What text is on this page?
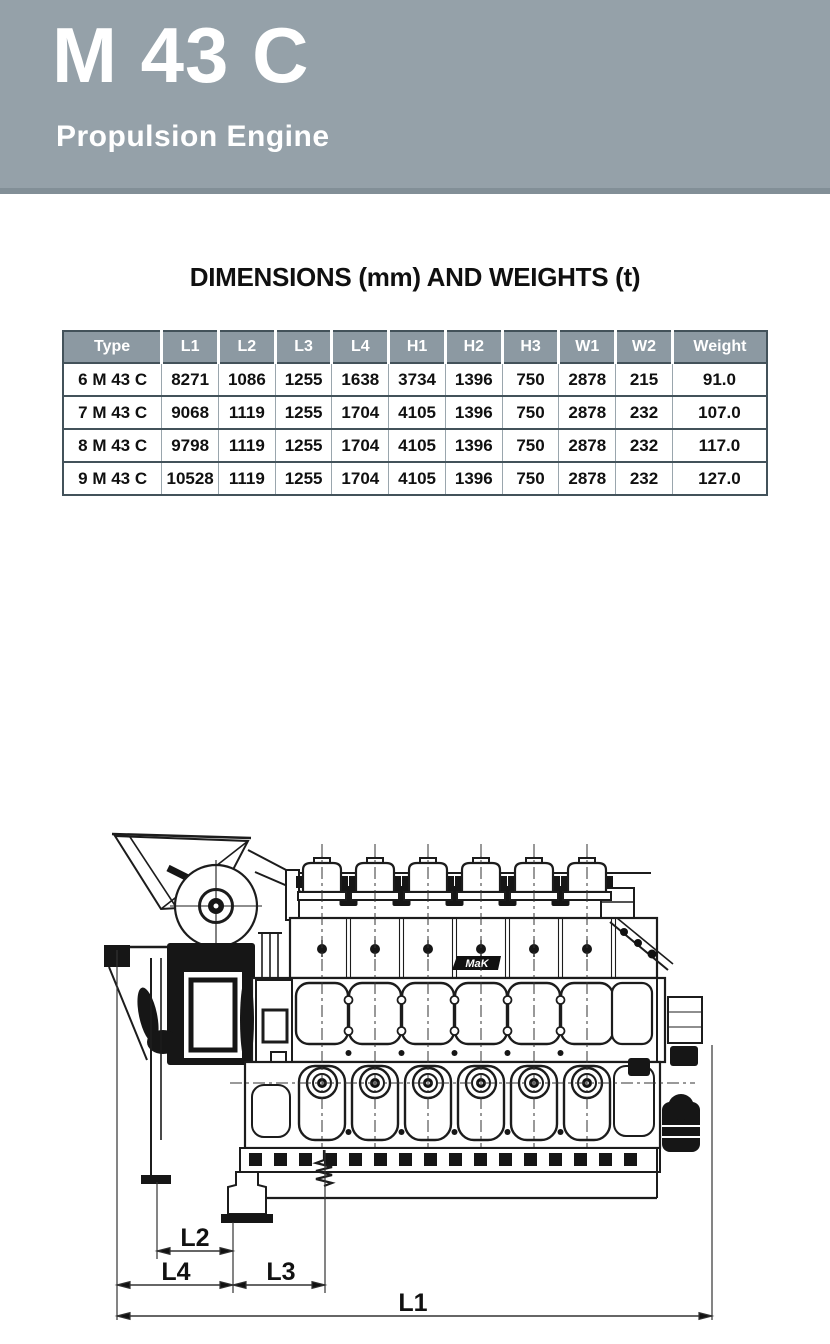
M 43 C
Propulsion Engine
DIMENSIONS (mm) AND WEIGHTS (t)
Type	L1	L2	L3	L4	H1	H2	H3	W1	W2	Weight
6 M 43 C	8271	1086	1255	1638	3734	1396	750	2878	215	91.0
7 M 43 C	9068	1119	1255	1704	4105	1396	750	2878	232	107.0
8 M 43 C	9798	1119	1255	1704	4105	1396	750	2878	232	117.0
9 M 43 C	10528	1119	1255	1704	4105	1396	750	2878	232	127.0
MaK
L2
L4	L3
L1
